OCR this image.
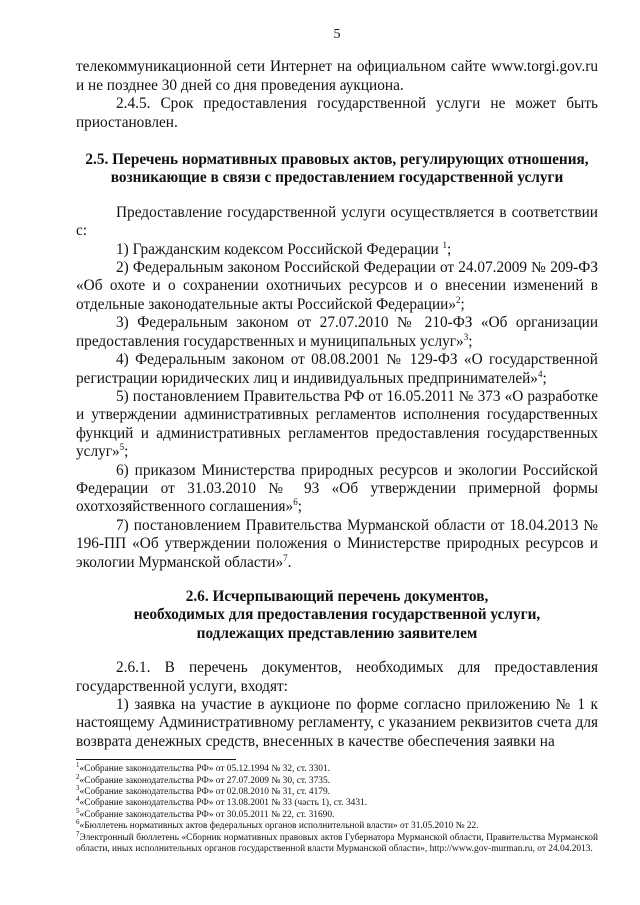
5

телекоммуникационной сети Интернет на официальном сайте www.torgi.gov.ru и не позднее 30 дней со дня проведения аукциона.

2.4.5. Срок предоставления государственной услуги не может быть приостановлен.

2.5. Перечень нормативных правовых актов, регулирующих отношения, возникающие в связи с предоставлением государственной услуги

Предоставление государственной услуги осуществляется в соответствии с:

1) Гражданским кодексом Российской Федерации $^1$;

2) Федеральным законом Российской Федерации от 24.07.2009 № 209-ФЗ «Об охоте и о сохранении охотничьих ресурсов и о внесении изменений в отдельные законодательные акты Российской Федерации»$^2$;

3) Федеральным законом от 27.07.2010 № 210-ФЗ «Об организации предоставления государственных и муниципальных услуг»$^3$;

4) Федеральным законом от 08.08.2001 № 129-ФЗ «О государственной регистрации юридических лиц и индивидуальных предпринимателей»$^4$;

5) постановлением Правительства РФ от 16.05.2011 № 373 «О разработке и утверждении административных регламентов исполнения государственных функций и административных регламентов предоставления государственных услуг»$^5$;

6) приказом Министерства природных ресурсов и экологии Российской Федерации от 31.03.2010 № 93 «Об утверждении примерной формы охотхозяйственного соглашения»$^6$;

7) постановлением Правительства Мурманской области от 18.04.2013 № 196-ПП «Об утверждении положения о Министерстве природных ресурсов и экологии Мурманской области»$^7$.

2.6. Исчерпывающий перечень документов,

необходимых для предоставления государственной услуги,

подлежащих представлению заявителем

2.6.1. В перечень документов, необходимых для предоставления государственной услуги, входят:

1) заявка на участие в аукционе по форме согласно приложению № 1 к настоящему Административному регламенту, с указанием реквизитов счета для возврата денежных средств, внесенных в качестве обеспечения заявки на

$^1$«Собрание законодательства РФ» от 05.12.1994 № 32, ст. 3301.

$^2$«Собрание законодательства РФ» от 27.07.2009 № 30, ст. 3735.

$^3$«Собрание законодательства РФ» от 02.08.2010 № 31, ст. 4179.

$^4$«Собрание законодательства РФ» от 13.08.2001 № 33 (часть 1), ст. 3431.

$^5$«Собрание законодательства РФ» от 30.05.2011 № 22, ст. 31690.

$^6$«Бюллетень нормативных актов федеральных органов исполнительной власти» от 31.05.2010 № 22.

$^7$Электронный бюллетень «Сборник нормативных правовых актов Губернатора Мурманской области, Правительства Мурманской области, иных исполнительных органов государственной власти Мурманской области», http://www.gov-murman.ru, от 24.04.2013.
